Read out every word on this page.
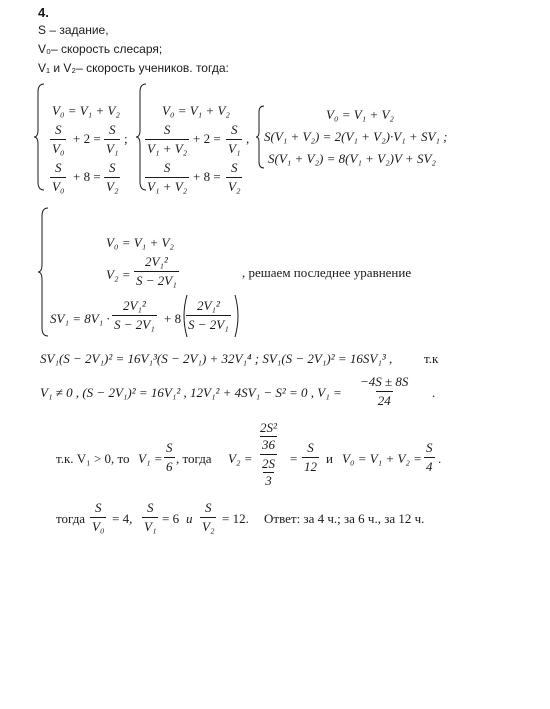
4.
S – задание,
V₀– скорость слесаря;
V₁ и V₂– скорость учеников. тогда:
V₀ = V₁ + V₂
S
V₀
+ 2 =
S
V₁
;
S
V₀
+ 8 =
S
V₂
V₀ = V₁ + V₂
S
V₁ + V₂
+ 2 =
S
V₁
,
S
V₁ + V₂
+ 8 =
S
V₂
V₀ = V₁ + V₂
S(V₁ + V₂) = 2(V₁ + V₂)·V₁ + SV₁ ;
S(V₁ + V₂) = 8(V₁ + V₂)V + SV₂
V₀ = V₁ + V₂
V₂ =
2V₁²
S − 2V₁
, решаем последнее уравнение
SV₁ = 8V₁ ·
2V₁²
S − 2V₁ + 8
2V₁²
S − 2V₁
SV₁(S − 2V₁)² = 16V₁³(S − 2V₁) + 32V₁⁴ ; SV₁(S − 2V₁)² = 16SV₁³ , т.к
V₁ ≠ 0 , (S − 2V₁)² = 16V₁² , 12V₁² + 4SV₁ − S² = 0 , V₁ =
−4S ± 8S
24
.
т.к. V₁ > 0, то V₁ =
S
6
, тогда V₂ =
$\frac{\text{2S²}}{36}$
$\frac{2S}{3}$ =
S
12
и V₀ = V₁ + V₂ =
S
4
.
тогда
S
V₀
= 4,
S
V₁
= 6 и
S
V₂
= 12. Ответ: за 4 ч.; за 6 ч., за 12 ч.
